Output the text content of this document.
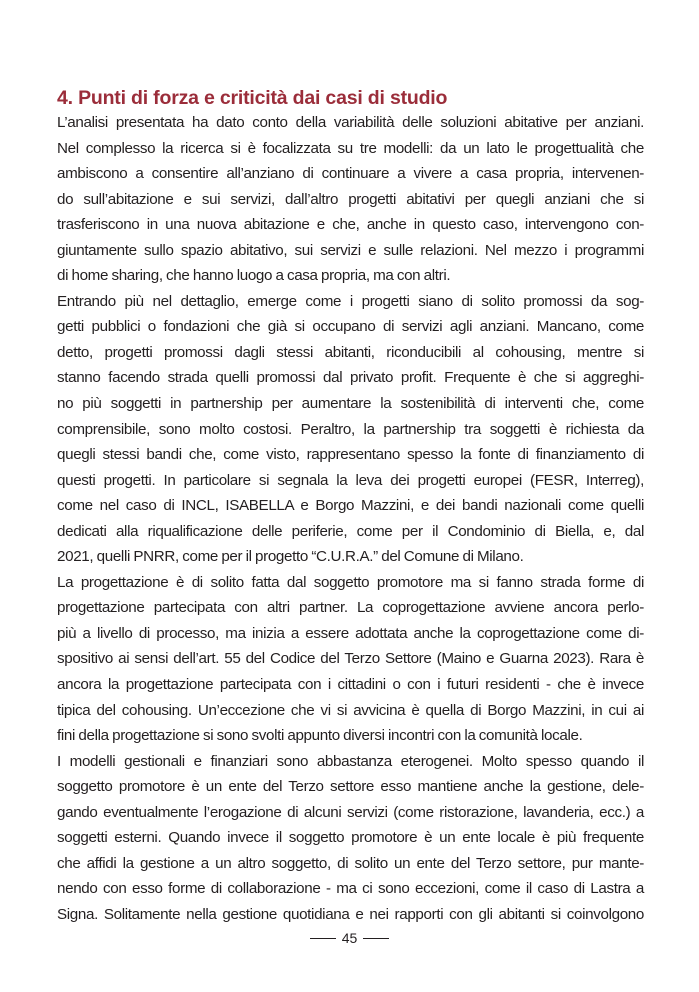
4. Punti di forza e criticità dai casi di studio

L’analisi presentata ha dato conto della variabilità delle soluzioni abitative per anziani.
Nel complesso la ricerca si è focalizzata su tre modelli: da un lato le progettualità che
ambiscono a consentire all’anziano di continuare a vivere a casa propria, intervenen-
do sull’abitazione e sui servizi, dall’altro progetti abitativi per quegli anziani che si
trasferiscono in una nuova abitazione e che, anche in questo caso, intervengono con-
giuntamente sullo spazio abitativo, sui servizi e sulle relazioni. Nel mezzo i programmi
di home sharing, che hanno luogo a casa propria, ma con altri.

Entrando più nel dettaglio, emerge come i progetti siano di solito promossi da sog-
getti pubblici o fondazioni che già si occupano di servizi agli anziani. Mancano, come
detto, progetti promossi dagli stessi abitanti, riconducibili al cohousing, mentre si
stanno facendo strada quelli promossi dal privato profit. Frequente è che si aggreghi-
no più soggetti in partnership per aumentare la sostenibilità di interventi che, come
comprensibile, sono molto costosi. Peraltro, la partnership tra soggetti è richiesta da
quegli stessi bandi che, come visto, rappresentano spesso la fonte di finanziamento di
questi progetti. In particolare si segnala la leva dei progetti europei (FESR, Interreg),
come nel caso di INCL, ISABELLA e Borgo Mazzini, e dei bandi nazionali come quelli
dedicati alla riqualificazione delle periferie, come per il Condominio di Biella, e, dal
2021, quelli PNRR, come per il progetto “C.U.R.A.” del Comune di Milano.

La progettazione è di solito fatta dal soggetto promotore ma si fanno strada forme di
progettazione partecipata con altri partner. La coprogettazione avviene ancora perlo-
più a livello di processo, ma inizia a essere adottata anche la coprogettazione come di-
spositivo ai sensi dell’art. 55 del Codice del Terzo Settore (Maino e Guarna 2023). Rara è
ancora la progettazione partecipata con i cittadini o con i futuri residenti - che è invece
tipica del cohousing. Un’eccezione che vi si avvicina è quella di Borgo Mazzini, in cui ai
fini della progettazione si sono svolti appunto diversi incontri con la comunità locale.

I modelli gestionali e finanziari sono abbastanza eterogenei. Molto spesso quando il
soggetto promotore è un ente del Terzo settore esso mantiene anche la gestione, dele-
gando eventualmente l’erogazione di alcuni servizi (come ristorazione, lavanderia, ecc.) a
soggetti esterni. Quando invece il soggetto promotore è un ente locale è più frequente
che affidi la gestione a un altro soggetto, di solito un ente del Terzo settore, pur mante-
nendo con esso forme di collaborazione - ma ci sono eccezioni, come il caso di Lastra a
Signa. Solitamente nella gestione quotidiana e nei rapporti con gli abitanti si coinvolgono

45
